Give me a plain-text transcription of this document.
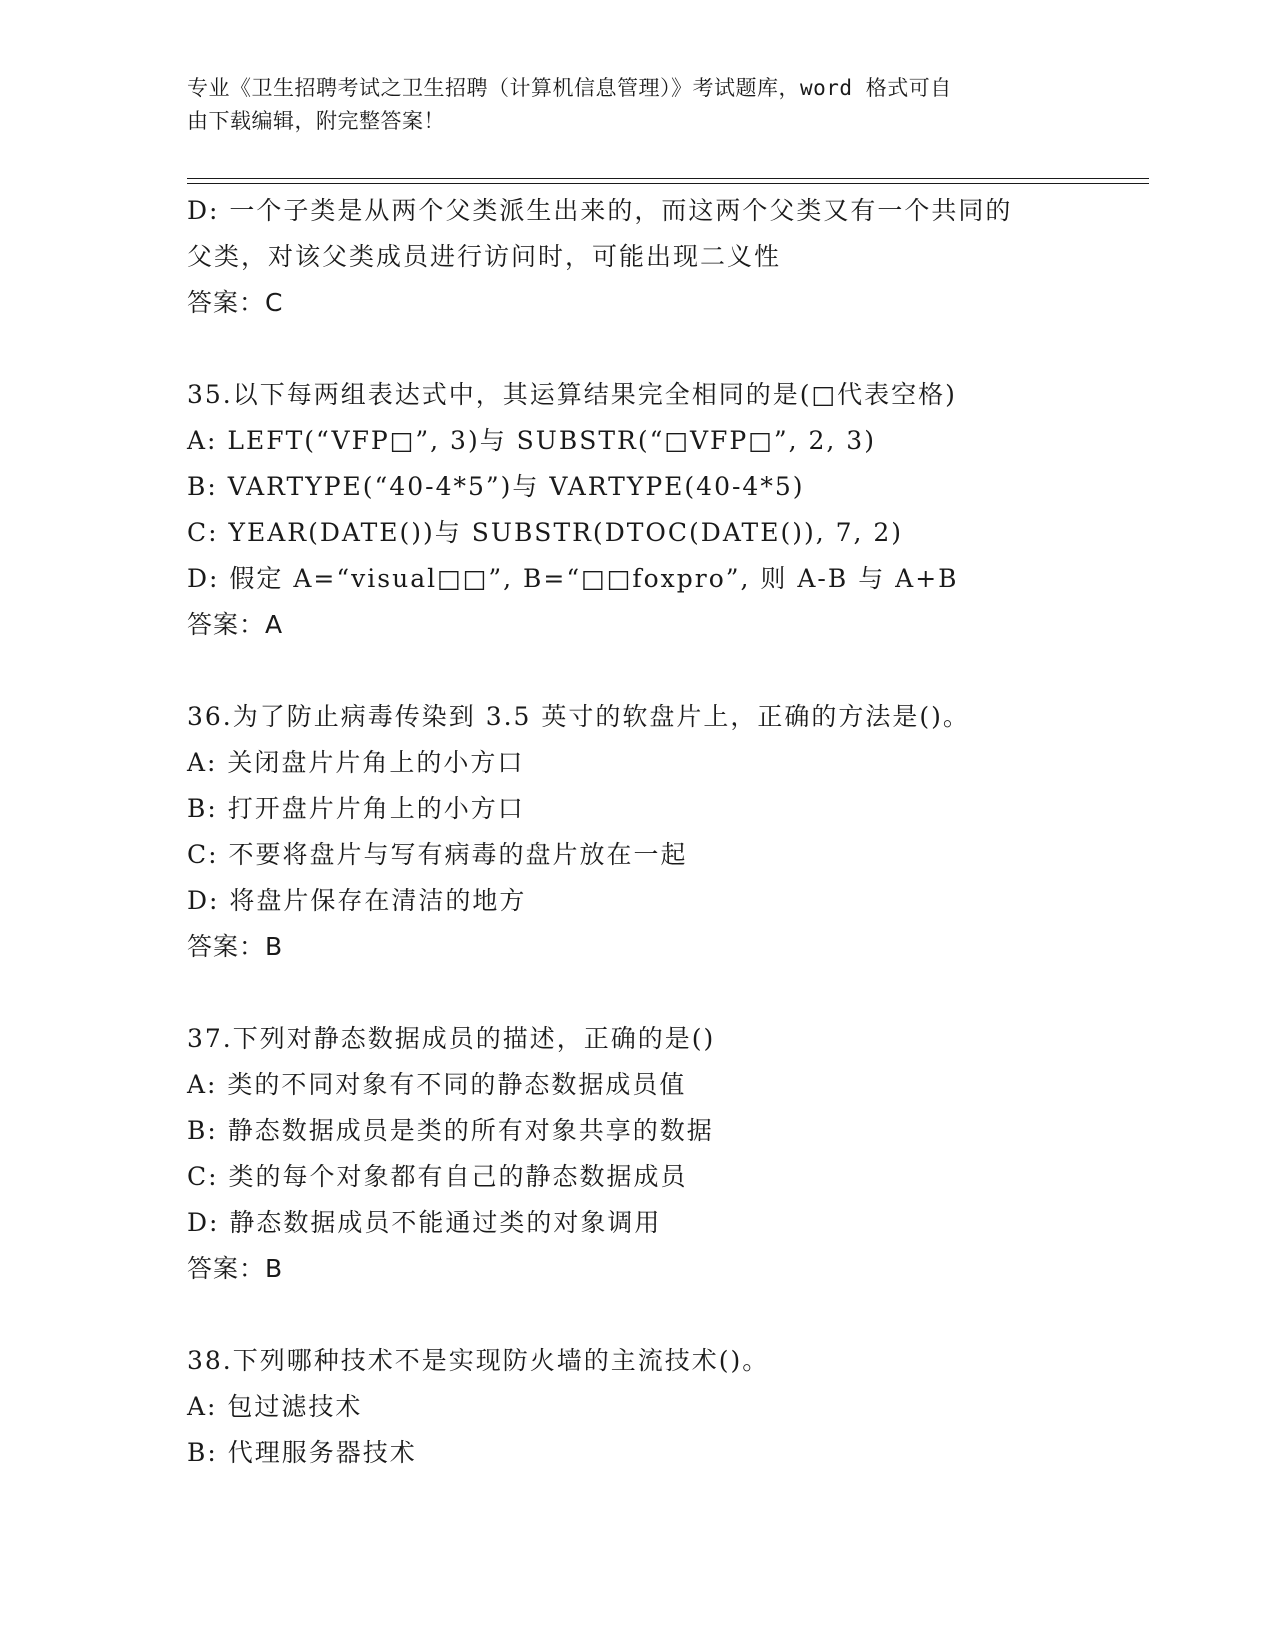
专业《卫生招聘考试之卫生招聘（计算机信息管理）》考试题库，word 格式可自
由下载编辑，附完整答案！
D: 一个子类是从两个父类派生出来的，而这两个父类又有一个共同的
父类，对该父类成员进行访问时，可能出现二义性
答案：C
35.以下每两组表达式中，其运算结果完全相同的是(□代表空格)
A: LEFT(“VFP□”, 3)与 SUBSTR(“□VFP□”, 2, 3)
B: VARTYPE(“40-4*5”)与 VARTYPE(40-4*5)
C: YEAR(DATE())与 SUBSTR(DTOC(DATE()), 7, 2)
D: 假定 A=“visual□□”, B=“□□foxpro”, 则 A-B 与 A+B
答案：A
36.为了防止病毒传染到 3.5 英寸的软盘片上，正确的方法是()。
A: 关闭盘片片角上的小方口
B: 打开盘片片角上的小方口
C: 不要将盘片与写有病毒的盘片放在一起
D: 将盘片保存在清洁的地方
答案：B
37.下列对静态数据成员的描述，正确的是()
A: 类的不同对象有不同的静态数据成员值
B: 静态数据成员是类的所有对象共享的数据
C: 类的每个对象都有自己的静态数据成员
D: 静态数据成员不能通过类的对象调用
答案：B
38.下列哪种技术不是实现防火墙的主流技术()。
A: 包过滤技术
B: 代理服务器技术
